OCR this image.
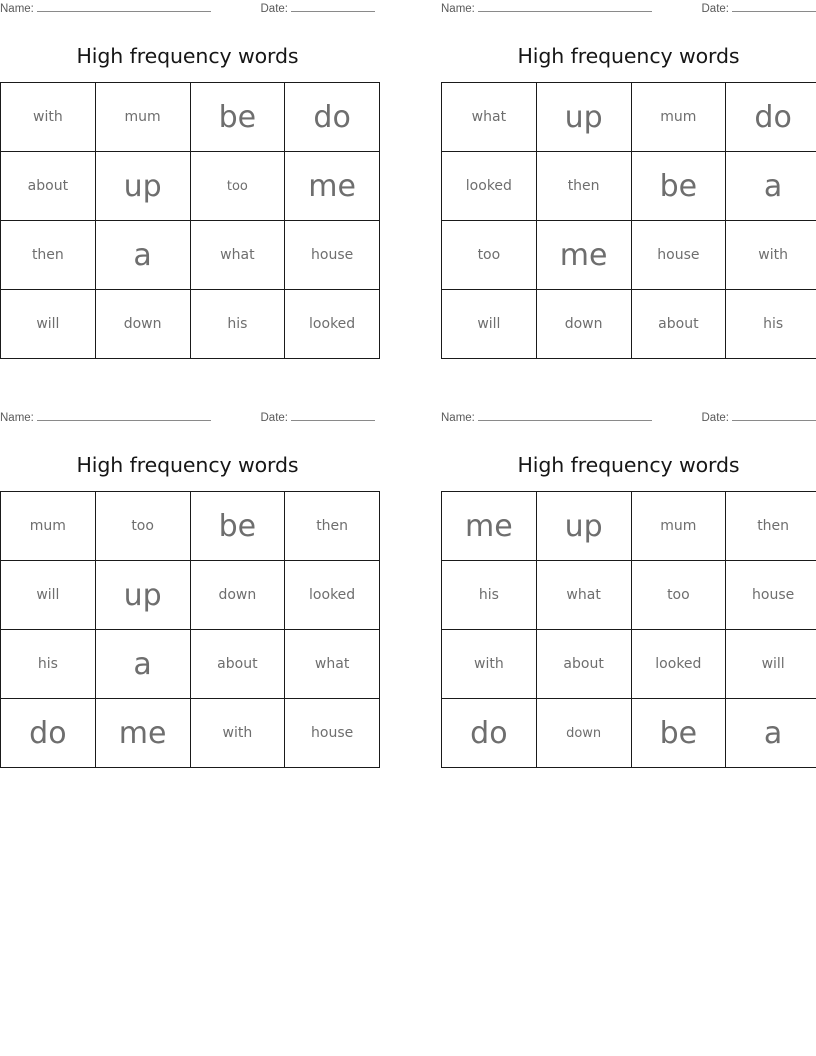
Name:	Date:
High frequency words
with	mum	be	do
about	up	too	me
then	a	what	house
will	down	his	looked
Name:	Date:
High frequency words
what	up	mum	do
looked	then	be	a
too	me	house	with
will	down	about	his
Name:	Date:
High frequency words
mum	too	be	then
will	up	down	looked
his	a	about	what
do	me	with	house
Name:	Date:
High frequency words
me	up	mum	then
his	what	too	house
with	about	looked	will
do	down	be	a
